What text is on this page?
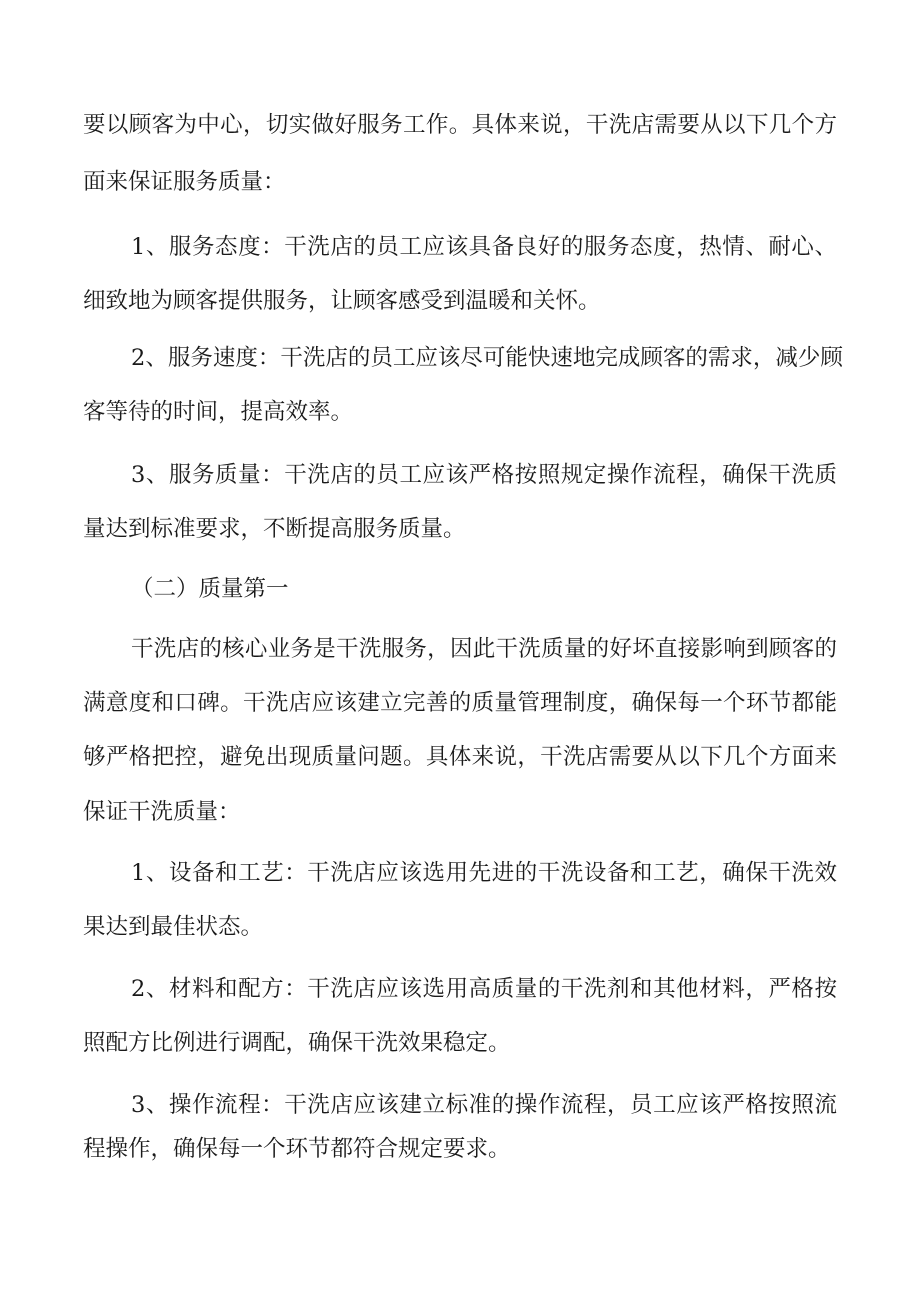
要以顾客为中心，切实做好服务工作。具体来说，干洗店需要从以下几个方

面来保证服务质量：

1、服务态度：干洗店的员工应该具备良好的服务态度，热情、耐心、

细致地为顾客提供服务，让顾客感受到温暖和关怀。

2、服务速度：干洗店的员工应该尽可能快速地完成顾客的需求，减少顾

客等待的时间，提高效率。

3、服务质量：干洗店的员工应该严格按照规定操作流程，确保干洗质

量达到标准要求，不断提高服务质量。

（二）质量第一

干洗店的核心业务是干洗服务，因此干洗质量的好坏直接影响到顾客的

满意度和口碑。干洗店应该建立完善的质量管理制度，确保每一个环节都能

够严格把控，避免出现质量问题。具体来说，干洗店需要从以下几个方面来

保证干洗质量：

1、设备和工艺：干洗店应该选用先进的干洗设备和工艺，确保干洗效

果达到最佳状态。

2、材料和配方：干洗店应该选用高质量的干洗剂和其他材料，严格按

照配方比例进行调配，确保干洗效果稳定。

3、操作流程：干洗店应该建立标准的操作流程，员工应该严格按照流

程操作，确保每一个环节都符合规定要求。
